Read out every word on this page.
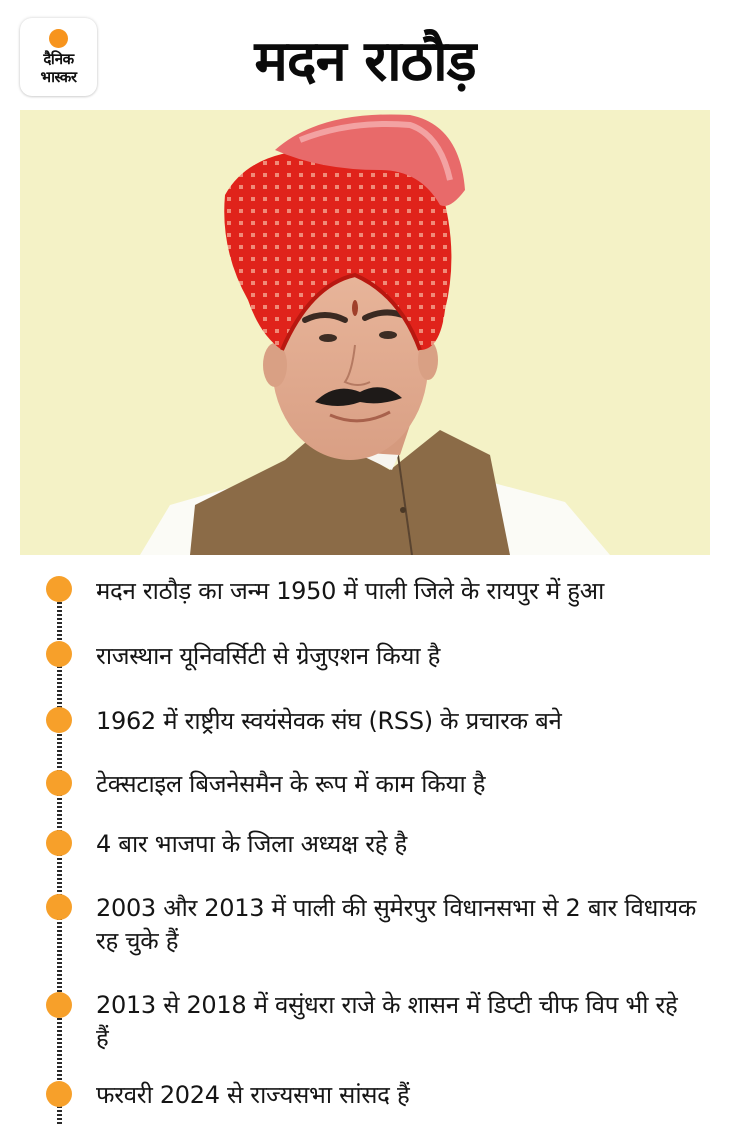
दैनिक
भास्कर	मदन राठौड़
मदन राठौड़ का जन्म 1950 में पाली जिले के रायपुर में हुआ
राजस्थान यूनिवर्सिटी से ग्रेजुएशन किया है
1962 में राष्ट्रीय स्वयंसेवक संघ (RSS) के प्रचारक बने
टेक्सटाइल बिजनेसमैन के रूप में काम किया है
4 बार भाजपा के जिला अध्यक्ष रहे है
2003 और 2013 में पाली की सुमेरपुर विधानसभा से 2 बार विधायक रह चुके हैं
2013 से 2018 में वसुंधरा राजे के शासन में डिप्टी चीफ विप भी रहे हैं
फरवरी 2024 से राज्यसभा सांसद हैं
